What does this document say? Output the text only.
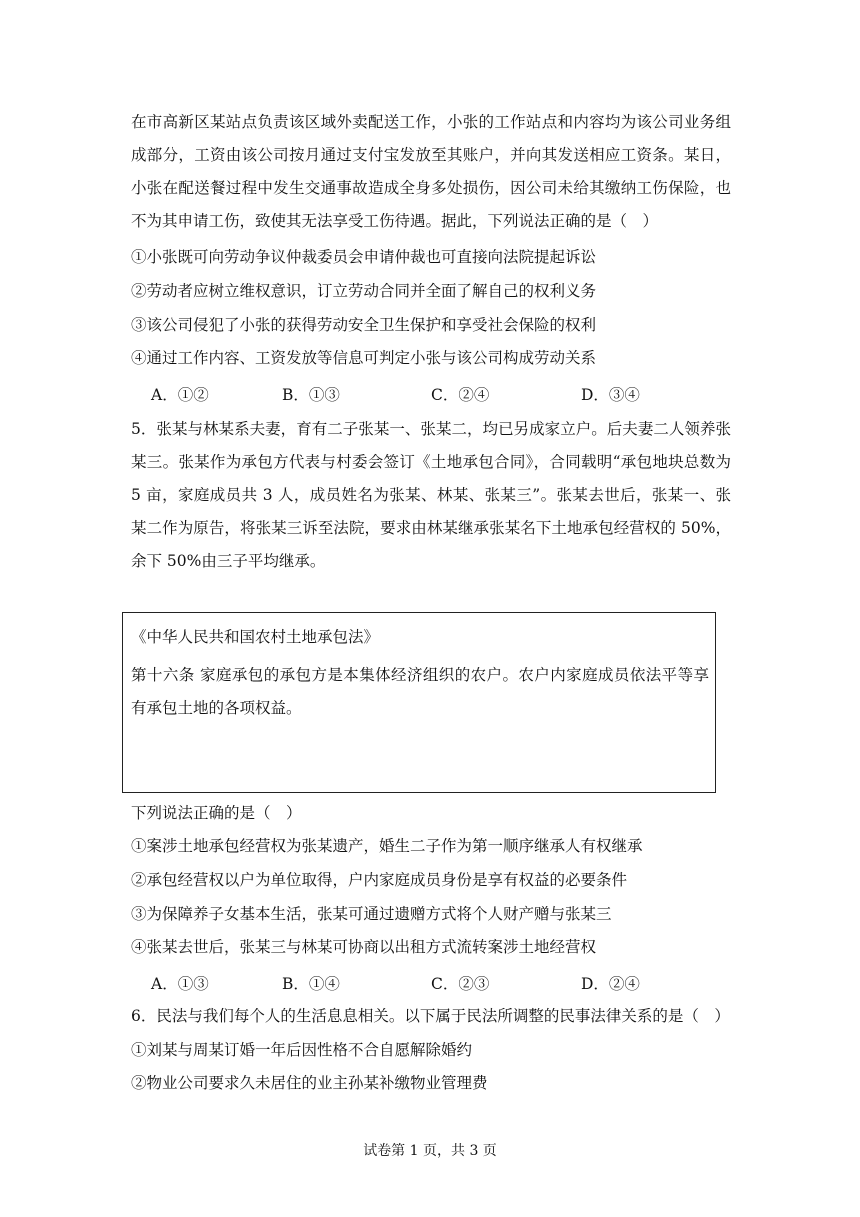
在市高新区某站点负责该区域外卖配送工作，小张的工作站点和内容均为该公司业务组成部分，工资由该公司按月通过支付宝发放至其账户，并向其发送相应工资条。某日，小张在配送餐过程中发生交通事故造成全身多处损伤，因公司未给其缴纳工伤保险，也不为其申请工伤，致使其无法享受工伤待遇。据此，下列说法正确的是（　）
①小张既可向劳动争议仲裁委员会申请仲裁也可直接向法院提起诉讼
②劳动者应树立维权意识，订立劳动合同并全面了解自己的权利义务
③该公司侵犯了小张的获得劳动安全卫生保护和享受社会保险的权利
④通过工作内容、工资发放等信息可判定小张与该公司构成劳动关系
A．①②	B．①③	C．②④	D．③④
5．张某与林某系夫妻，育有二子张某一、张某二，均已另成家立户。后夫妻二人领养张某三。张某作为承包方代表与村委会签订《土地承包合同》，合同载明“承包地块总数为 5 亩，家庭成员共 3 人，成员姓名为张某、林某、张某三”。张某去世后，张某一、张某二作为原告，将张某三诉至法院，要求由林某继承张某名下土地承包经营权的 50%，余下 50%由三子平均继承。
《中华人民共和国农村土地承包法》
第十六条 家庭承包的承包方是本集体经济组织的农户。农户内家庭成员依法平等享有承包土地的各项权益。
下列说法正确的是（　）
①案涉土地承包经营权为张某遗产，婚生二子作为第一顺序继承人有权继承
②承包经营权以户为单位取得，户内家庭成员身份是享有权益的必要条件
③为保障养子女基本生活，张某可通过遗赠方式将个人财产赠与张某三
④张某去世后，张某三与林某可协商以出租方式流转案涉土地经营权
A．①③	B．①④	C．②③	D．②④
6．民法与我们每个人的生活息息相关。以下属于民法所调整的民事法律关系的是（　）
①刘某与周某订婚一年后因性格不合自愿解除婚约
②物业公司要求久未居住的业主孙某补缴物业管理费
试卷第 1 页，共 3 页
